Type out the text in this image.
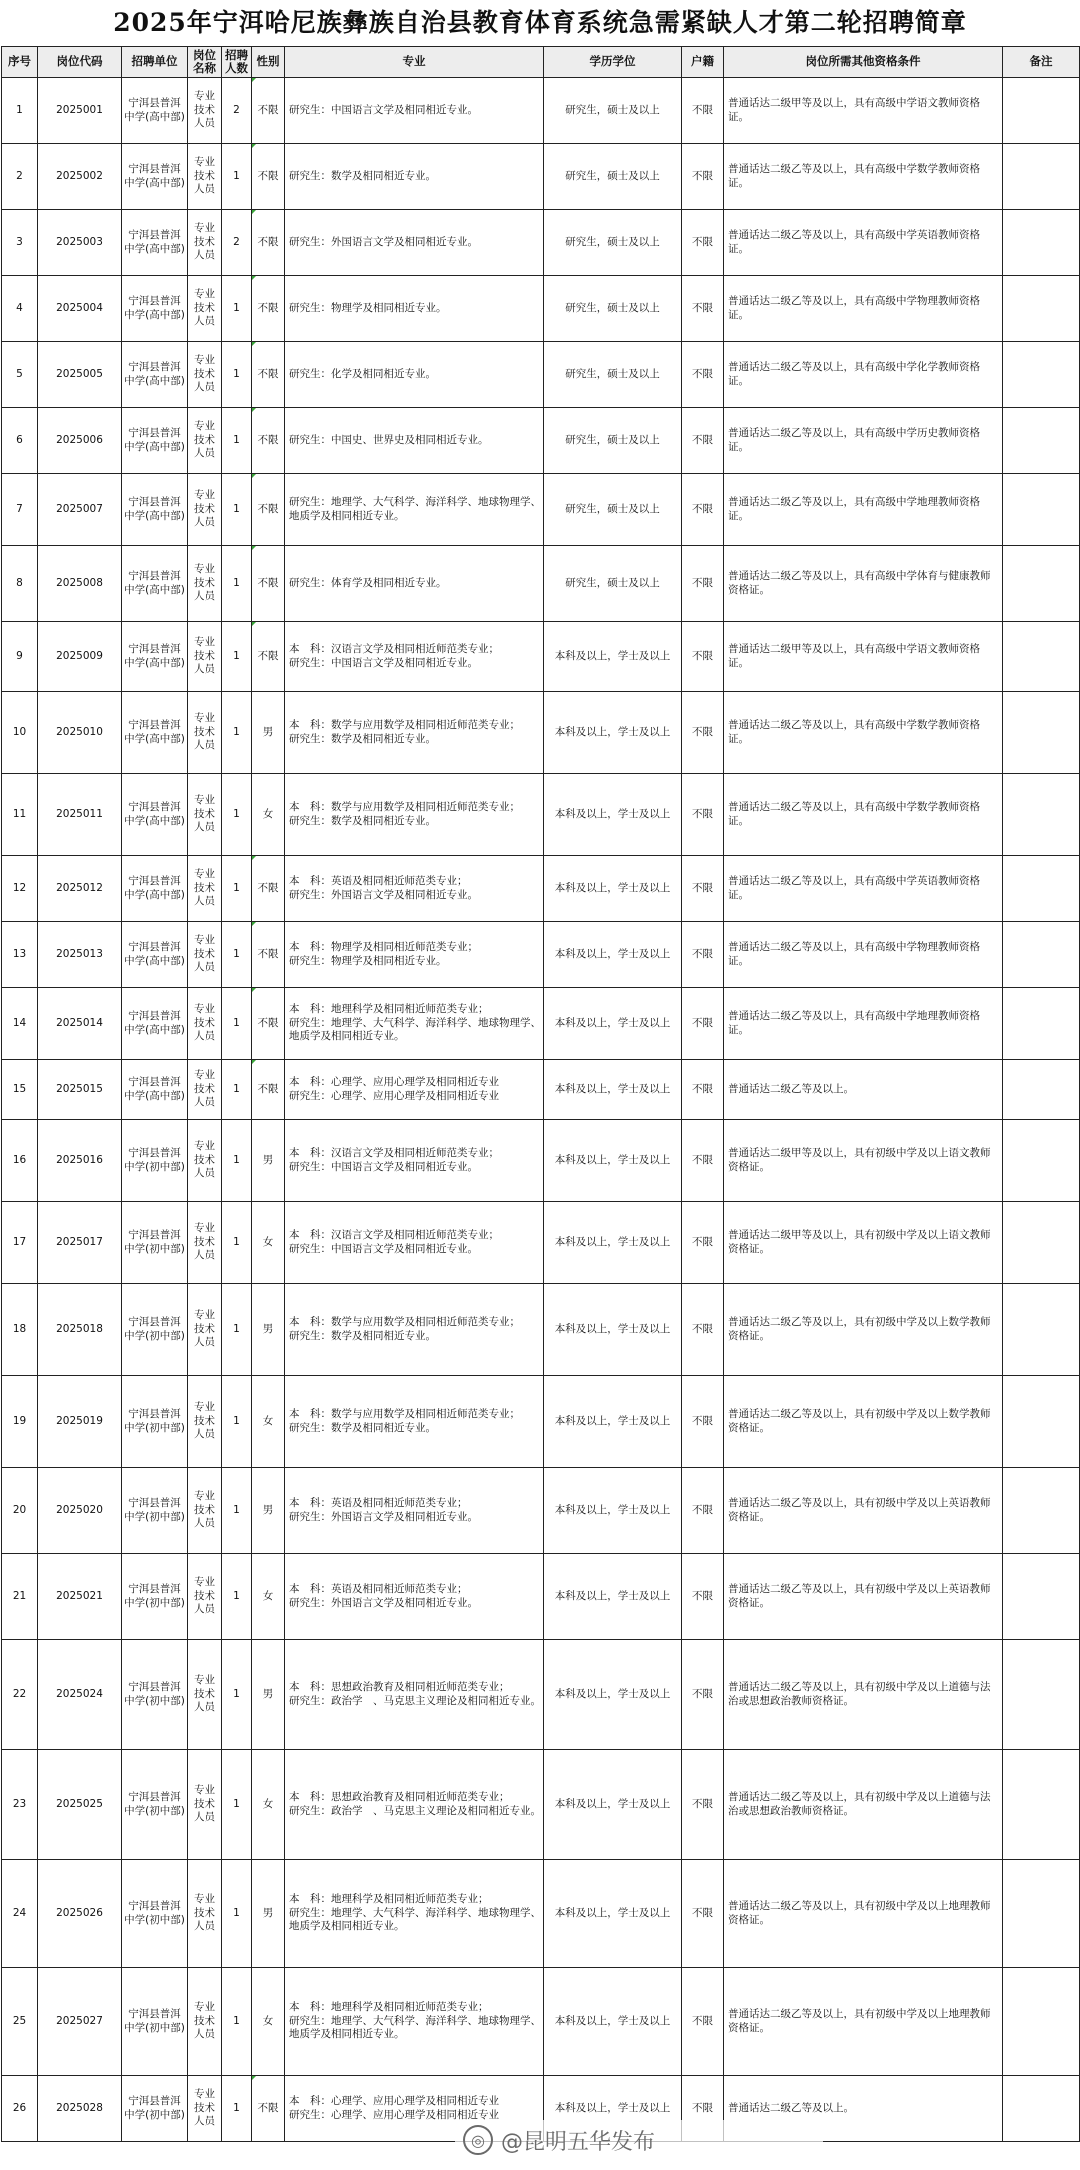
2025年宁洱哈尼族彝族自治县教育体育系统急需紧缺人才第二轮招聘简章
序号	岗位代码	招聘单位	岗位名称	招聘人数	性别	专业	学历学位	户籍	岗位所需其他资格条件	备注
1	2025001	宁洱县普洱中学(高中部)	专业技术人员	2	不限	研究生：中国语言文学及相同相近专业。	研究生，硕士及以上	不限	普通话达二级甲等及以上，具有高级中学语文教师资格证。	
2	2025002	宁洱县普洱中学(高中部)	专业技术人员	1	不限	研究生：数学及相同相近专业。	研究生，硕士及以上	不限	普通话达二级乙等及以上，具有高级中学数学教师资格证。	
3	2025003	宁洱县普洱中学(高中部)	专业技术人员	2	不限	研究生：外国语言文学及相同相近专业。	研究生，硕士及以上	不限	普通话达二级乙等及以上，具有高级中学英语教师资格证。	
4	2025004	宁洱县普洱中学(高中部)	专业技术人员	1	不限	研究生：物理学及相同相近专业。	研究生，硕士及以上	不限	普通话达二级乙等及以上，具有高级中学物理教师资格证。	
5	2025005	宁洱县普洱中学(高中部)	专业技术人员	1	不限	研究生：化学及相同相近专业。	研究生，硕士及以上	不限	普通话达二级乙等及以上，具有高级中学化学教师资格证。	
6	2025006	宁洱县普洱中学(高中部)	专业技术人员	1	不限	研究生：中国史、世界史及相同相近专业。	研究生，硕士及以上	不限	普通话达二级乙等及以上，具有高级中学历史教师资格证。	
7	2025007	宁洱县普洱中学(高中部)	专业技术人员	1	不限	研究生：地理学、大气科学、海洋科学、地球物理学、地质学及相同相近专业。	研究生，硕士及以上	不限	普通话达二级乙等及以上，具有高级中学地理教师资格证。	
8	2025008	宁洱县普洱中学(高中部)	专业技术人员	1	不限	研究生：体育学及相同相近专业。	研究生，硕士及以上	不限	普通话达二级乙等及以上，具有高级中学体育与健康教师资格证。	
9	2025009	宁洱县普洱中学(高中部)	专业技术人员	1	不限	本　科：汉语言文学及相同相近师范类专业；
研究生：中国语言文学及相同相近专业。	本科及以上，学士及以上	不限	普通话达二级甲等及以上，具有高级中学语文教师资格证。	
10	2025010	宁洱县普洱中学(高中部)	专业技术人员	1	男	本　科：数学与应用数学及相同相近师范类专业；
研究生：数学及相同相近专业。	本科及以上，学士及以上	不限	普通话达二级乙等及以上，具有高级中学数学教师资格证。	
11	2025011	宁洱县普洱中学(高中部)	专业技术人员	1	女	本　科：数学与应用数学及相同相近师范类专业；
研究生：数学及相同相近专业。	本科及以上，学士及以上	不限	普通话达二级乙等及以上，具有高级中学数学教师资格证。	
12	2025012	宁洱县普洱中学(高中部)	专业技术人员	1	不限	本　科：英语及相同相近师范类专业；
研究生：外国语言文学及相同相近专业。	本科及以上，学士及以上	不限	普通话达二级乙等及以上，具有高级中学英语教师资格证。	
13	2025013	宁洱县普洱中学(高中部)	专业技术人员	1	不限	本　科：物理学及相同相近师范类专业；
研究生：物理学及相同相近专业。	本科及以上，学士及以上	不限	普通话达二级乙等及以上，具有高级中学物理教师资格证。	
14	2025014	宁洱县普洱中学(高中部)	专业技术人员	1	不限	本　科：地理科学及相同相近师范类专业；
研究生：地理学、大气科学、海洋科学、地球物理学、地质学及相同相近专业。	本科及以上，学士及以上	不限	普通话达二级乙等及以上，具有高级中学地理教师资格证。	
15	2025015	宁洱县普洱中学(高中部)	专业技术人员	1	不限	本　科：心理学、应用心理学及相同相近专业
研究生：心理学、应用心理学及相同相近专业	本科及以上，学士及以上	不限	普通话达二级乙等及以上。	
16	2025016	宁洱县普洱中学(初中部)	专业技术人员	1	男	本　科：汉语言文学及相同相近师范类专业；
研究生：中国语言文学及相同相近专业。	本科及以上，学士及以上	不限	普通话达二级甲等及以上，具有初级中学及以上语文教师资格证。	
17	2025017	宁洱县普洱中学(初中部)	专业技术人员	1	女	本　科：汉语言文学及相同相近师范类专业；
研究生：中国语言文学及相同相近专业。	本科及以上，学士及以上	不限	普通话达二级甲等及以上，具有初级中学及以上语文教师资格证。	
18	2025018	宁洱县普洱中学(初中部)	专业技术人员	1	男	本　科：数学与应用数学及相同相近师范类专业；
研究生：数学及相同相近专业。	本科及以上，学士及以上	不限	普通话达二级乙等及以上，具有初级中学及以上数学教师资格证。	
19	2025019	宁洱县普洱中学(初中部)	专业技术人员	1	女	本　科：数学与应用数学及相同相近师范类专业；
研究生：数学及相同相近专业。	本科及以上，学士及以上	不限	普通话达二级乙等及以上，具有初级中学及以上数学教师资格证。	
20	2025020	宁洱县普洱中学(初中部)	专业技术人员	1	男	本　科：英语及相同相近师范类专业；
研究生：外国语言文学及相同相近专业。	本科及以上，学士及以上	不限	普通话达二级乙等及以上，具有初级中学及以上英语教师资格证。	
21	2025021	宁洱县普洱中学(初中部)	专业技术人员	1	女	本　科：英语及相同相近师范类专业；
研究生：外国语言文学及相同相近专业。	本科及以上，学士及以上	不限	普通话达二级乙等及以上，具有初级中学及以上英语教师资格证。	
22	2025024	宁洱县普洱中学(初中部)	专业技术人员	1	男	本　科：思想政治教育及相同相近师范类专业；
研究生：政治学　、马克思主义理论及相同相近专业。	本科及以上，学士及以上	不限	普通话达二级乙等及以上，具有初级中学及以上道德与法治或思想政治教师资格证。	
23	2025025	宁洱县普洱中学(初中部)	专业技术人员	1	女	本　科：思想政治教育及相同相近师范类专业；
研究生：政治学　、马克思主义理论及相同相近专业。	本科及以上，学士及以上	不限	普通话达二级乙等及以上，具有初级中学及以上道德与法治或思想政治教师资格证。	
24	2025026	宁洱县普洱中学(初中部)	专业技术人员	1	男	本　科：地理科学及相同相近师范类专业；
研究生：地理学、大气科学、海洋科学、地球物理学、地质学及相同相近专业。	本科及以上，学士及以上	不限	普通话达二级乙等及以上，具有初级中学及以上地理教师资格证。	
25	2025027	宁洱县普洱中学(初中部)	专业技术人员	1	女	本　科：地理科学及相同相近师范类专业；
研究生：地理学、大气科学、海洋科学、地球物理学、地质学及相同相近专业。	本科及以上，学士及以上	不限	普通话达二级乙等及以上，具有初级中学及以上地理教师资格证。	
26	2025028	宁洱县普洱中学(初中部)	专业技术人员	1	不限	本　科：心理学、应用心理学及相同相近专业
研究生：心理学、应用心理学及相同相近专业	本科及以上，学士及以上	不限	普通话达二级乙等及以上。	
◎ @昆明五华发布
